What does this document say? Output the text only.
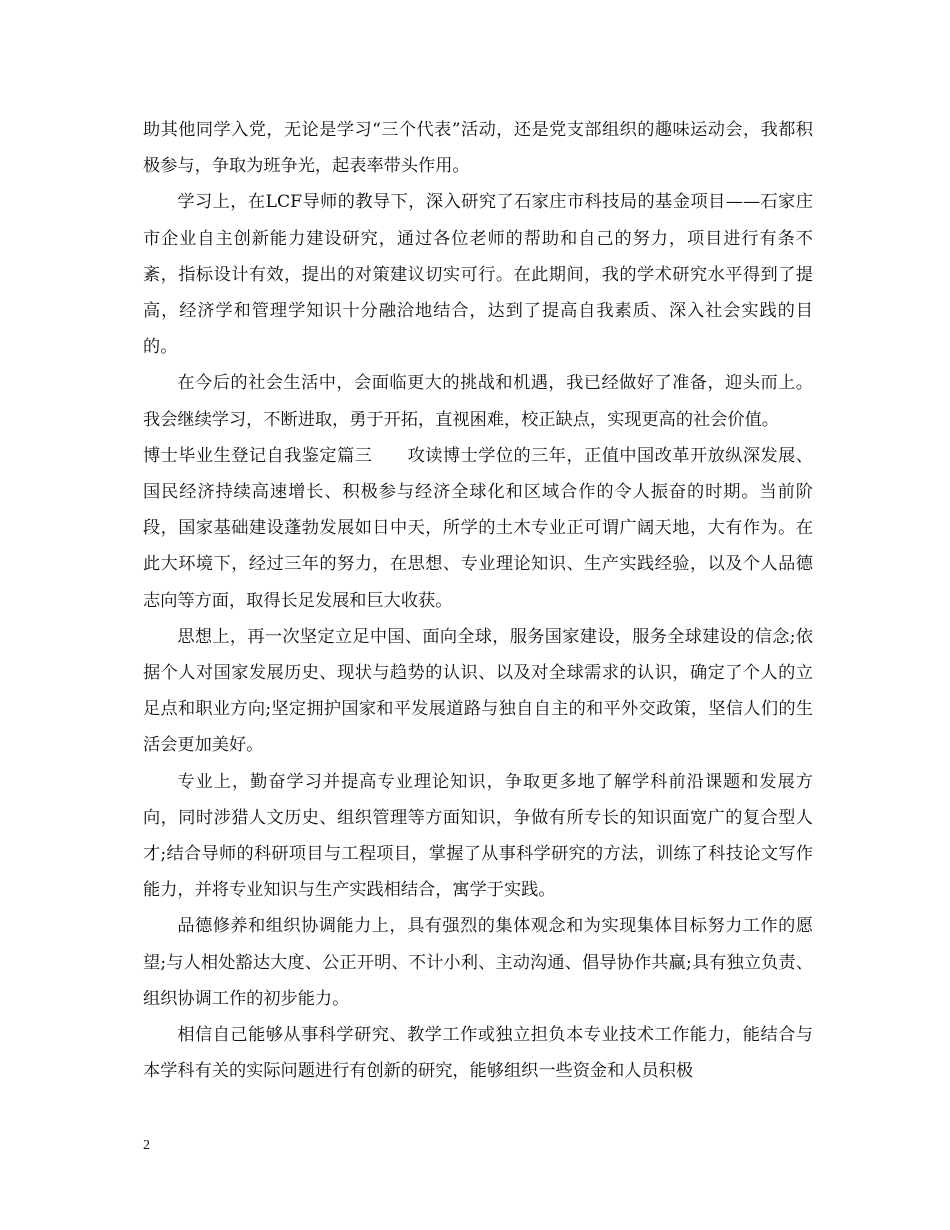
助其他同学入党，无论是学习“三个代表”活动，还是党支部组织的趣味运动会，我都积极参与，争取为班争光，起表率带头作用。

学习上，在LCF导师的教导下，深入研究了石家庄市科技局的基金项目——石家庄市企业自主创新能力建设研究，通过各位老师的帮助和自己的努力，项目进行有条不紊，指标设计有效，提出的对策建议切实可行。在此期间，我的学术研究水平得到了提高，经济学和管理学知识十分融洽地结合，达到了提高自我素质、深入社会实践的目的。

在今后的社会生活中，会面临更大的挑战和机遇，我已经做好了准备，迎头而上。我会继续学习，不断进取，勇于开拓，直视困难，校正缺点，实现更高的社会价值。

博士毕业生登记自我鉴定篇三　　攻读博士学位的三年，正值中国改革开放纵深发展、国民经济持续高速增长、积极参与经济全球化和区域合作的令人振奋的时期。当前阶段，国家基础建设蓬勃发展如日中天，所学的土木专业正可谓广阔天地，大有作为。在此大环境下，经过三年的努力，在思想、专业理论知识、生产实践经验，以及个人品德志向等方面，取得长足发展和巨大收获。

思想上，再一次坚定立足中国、面向全球，服务国家建设，服务全球建设的信念;依据个人对国家发展历史、现状与趋势的认识、以及对全球需求的认识，确定了个人的立足点和职业方向;坚定拥护国家和平发展道路与独自自主的和平外交政策，坚信人们的生活会更加美好。

专业上，勤奋学习并提高专业理论知识，争取更多地了解学科前沿课题和发展方向，同时涉猎人文历史、组织管理等方面知识，争做有所专长的知识面宽广的复合型人才;结合导师的科研项目与工程项目，掌握了从事科学研究的方法，训练了科技论文写作能力，并将专业知识与生产实践相结合，寓学于实践。

品德修养和组织协调能力上，具有强烈的集体观念和为实现集体目标努力工作的愿望;与人相处豁达大度、公正开明、不计小利、主动沟通、倡导协作共赢;具有独立负责、组织协调工作的初步能力。

相信自己能够从事科学研究、教学工作或独立担负本专业技术工作能力，能结合与本学科有关的实际问题进行有创新的研究，能够组织一些资金和人员积极

2
